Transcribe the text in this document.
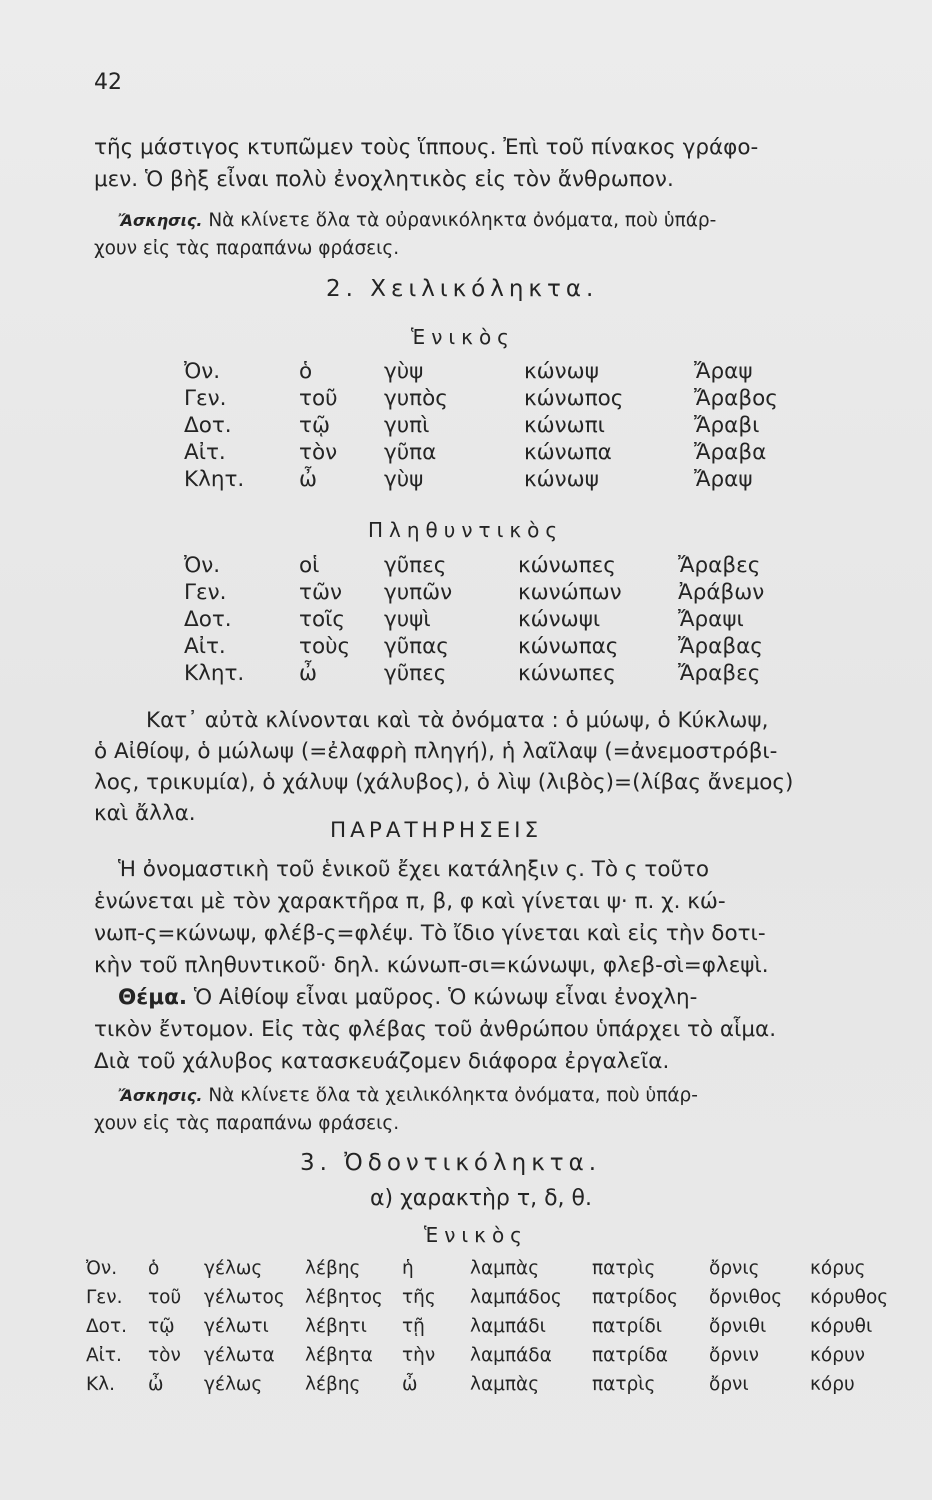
42
τῆς μάστιγος κτυπῶμεν τοὺς ἵππους. Ἐπὶ τοῦ πίνακος γράφο-
μεν. Ὁ βὴξ εἶναι πολὺ ἐνοχλητικὸς εἰς τὸν ἄνθρωπον.
Ἄσκησις. Νὰ κλίνετε ὅλα τὰ οὐρανικόληκτα ὀνόματα, ποὺ ὑπάρ-
χουν εἰς τὰς παραπάνω φράσεις.
2. Χειλικόληκτα.
Ἑνικὸς
Ὀν.
Γεν.
Δοτ.
Αἰτ.
Κλητ.
ὁ
τοῦ
τῷ
τὸν
ὦ
γὺψ
γυπὸς
γυπὶ
γῦπα
γὺψ
κώνωψ
κώνωπος
κώνωπι
κώνωπα
κώνωψ
Ἄραψ
Ἄραβος
Ἄραβι
Ἄραβα
Ἄραψ
Πληθυντικὸς
Ὀν.
Γεν.
Δοτ.
Αἰτ.
Κλητ.
οἱ
τῶν
τοῖς
τοὺς
ὦ
γῦπες
γυπῶν
γυψὶ
γῦπας
γῦπες
κώνωπες
κωνώπων
κώνωψι
κώνωπας
κώνωπες
Ἄραβες
Ἀράβων
Ἄραψι
Ἄραβας
Ἄραβες
Κατ᾿ αὐτὰ κλίνονται καὶ τὰ ὀνόματα : ὁ μύωψ, ὁ Κύκλωψ,
ὁ Αἰθίοψ, ὁ μώλωψ (=ἐλαφρὴ πληγή), ἡ λαῖλαψ (=ἀνεμοστρόβι-
λος, τρικυμία), ὁ χάλυψ (χάλυβος), ὁ λὶψ (λιβὸς)=(λίβας ἄνεμος)
καὶ ἄλλα.
ΠΑΡΑΤΗΡΗΣΕΙΣ
Ἡ ὀνομαστικὴ τοῦ ἑνικοῦ ἔχει κατάληξιν ς. Τὸ ς τοῦτο
ἑνώνεται μὲ τὸν χαρακτῆρα π, β, φ καὶ γίνεται ψ· π. χ. κώ-
νωπ-ς=κώνωψ, φλέβ-ς=φλέψ. Τὸ ἴδιο γίνεται καὶ εἰς τὴν δοτι-
κὴν τοῦ πληθυντικοῦ· δηλ. κώνωπ-σι=κώνωψι, φλεβ-σὶ=φλεψὶ.
Θέμα. Ὁ Αἰθίοψ εἶναι μαῦρος. Ὁ κώνωψ εἶναι ἐνοχλη-
τικὸν ἔντομον. Εἰς τὰς φλέβας τοῦ ἀνθρώπου ὑπάρχει τὸ αἷμα.
Διὰ τοῦ χάλυβος κατασκευάζομεν διάφορα ἐργαλεῖα.
Ἄσκησις. Νὰ κλίνετε ὅλα τὰ χειλικόληκτα ὀνόματα, ποὺ ὑπάρ-
χουν εἰς τὰς παραπάνω φράσεις.
3. Ὀδοντικόληκτα.
α) χαρακτὴρ τ, δ, θ.
Ἑνικὸς
Ὀν.
Γεν.
Δοτ.
Αἰτ.
Κλ.
ὁ
τοῦ
τῷ
τὸν
ὦ
γέλως
γέλωτος
γέλωτι
γέλωτα
γέλως
λέβης
λέβητος
λέβητι
λέβητα
λέβης
ἡ
τῆς
τῇ
τὴν
ὦ
λαμπὰς
λαμπάδος
λαμπάδι
λαμπάδα
λαμπὰς
πατρὶς
πατρίδος
πατρίδι
πατρίδα
πατρὶς
ὄρνις
ὄρνιθος
ὄρνιθι
ὄρνιν
ὄρνι
κόρυς
κόρυθος
κόρυθι
κόρυν
κόρυ
